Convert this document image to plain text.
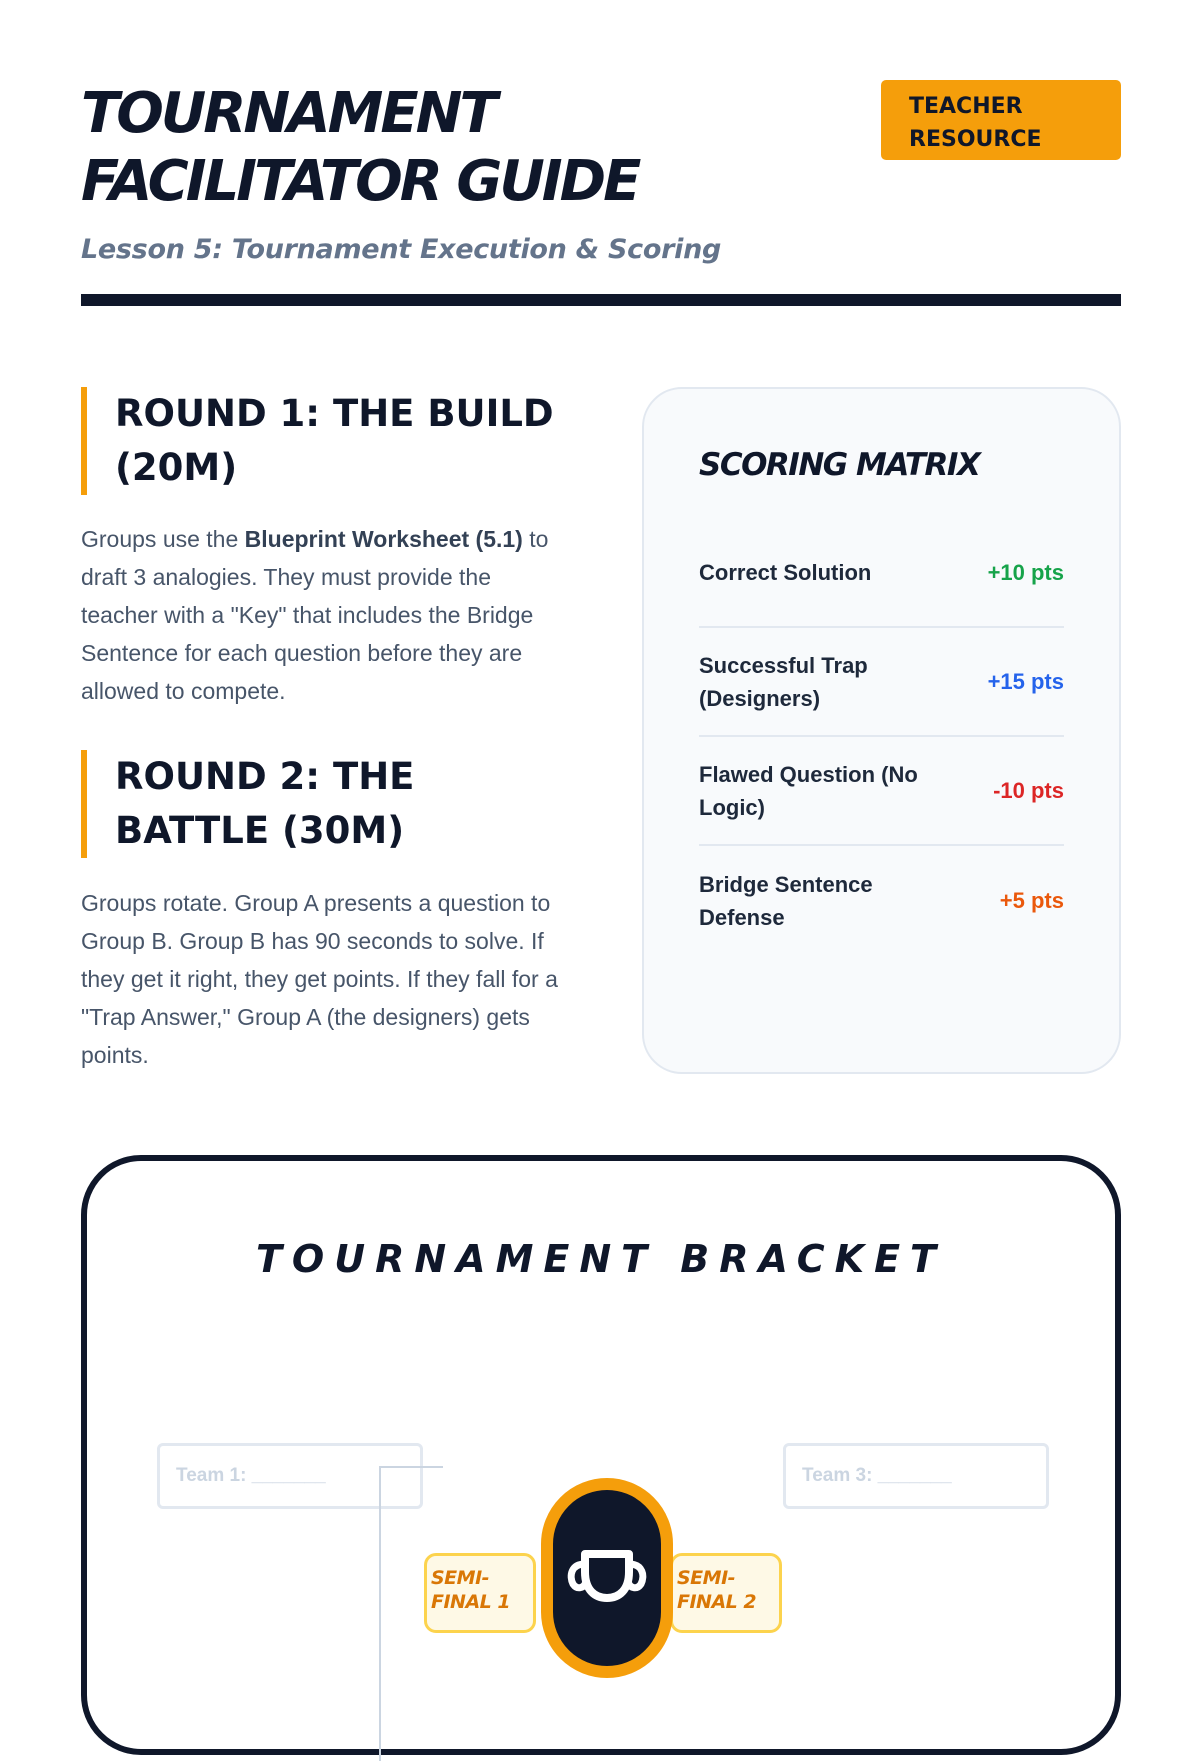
TOURNAMENT
FACILITATOR GUIDE
Lesson 5: Tournament Execution & Scoring
TEACHER
RESOURCE
ROUND 1: THE BUILD (20M)
Groups use the Blueprint Worksheet (5.1) to draft 3 analogies. They must provide the teacher with a "Key" that includes the Bridge Sentence for each question before they are allowed to compete.
ROUND 2: THE BATTLE (30M)
Groups rotate. Group A presents a question to Group B. Group B has 90 seconds to solve. If they get it right, they get points. If they fall for a "Trap Answer," Group A (the designers) gets points.
SCORING MATRIX
Correct Solution	+10 pts
Successful Trap (Designers)
+15 pts
Flawed Question (No Logic)
-10 pts
Bridge Sentence Defense
+5 pts
TOURNAMENT BRACKET
Team 1: _______	Team 3: _______
SEMI-FINAL 1
SEMI-FINAL 2
